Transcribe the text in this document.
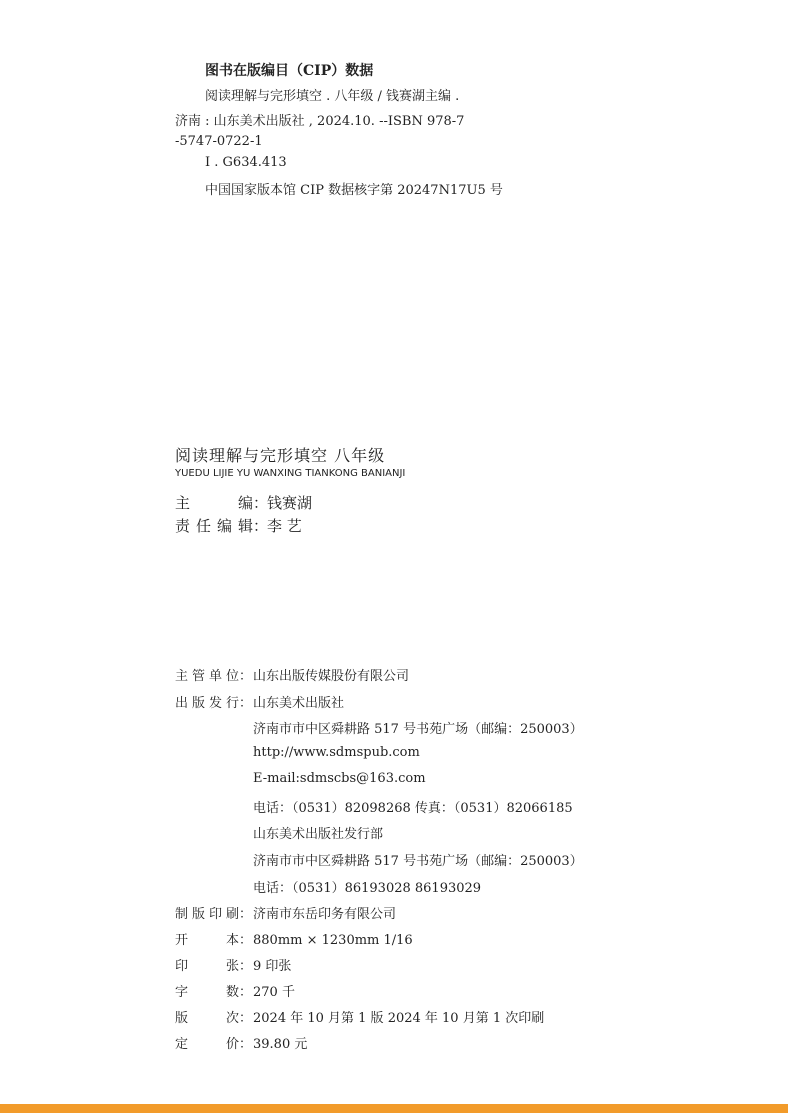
图书在版编目（CIP）数据
阅读理解与完形填空 . 八年级 / 钱赛湖主编 .
济南 : 山东美术出版社 , 2024.10. --ISBN 978-7
-5747-0722-1
Ⅰ . G634.413
中国国家版本馆 CIP 数据核字第 20247N17U5 号
阅读理解与完形填空 八年级
YUEDU LIJIE YU WANXING TIANKONG BANIANJI
主编：钱赛湖
责任编辑：李 艺
主管单位：山东出版传媒股份有限公司
出版发行：山东美术出版社
济南市市中区舜耕路 517 号书苑广场（邮编：250003）
http://www.sdmspub.com
E-mail:sdmscbs@163.com
电话：（0531）82098268 传真：（0531）82066185
山东美术出版社发行部
济南市市中区舜耕路 517 号书苑广场（邮编：250003）
电话：（0531）86193028 86193029
制版印刷：济南市东岳印务有限公司
开本：880mm × 1230mm 1/16
印张：9 印张
字数：270 千
版次：2024 年 10 月第 1 版 2024 年 10 月第 1 次印刷
定价：39.80 元
